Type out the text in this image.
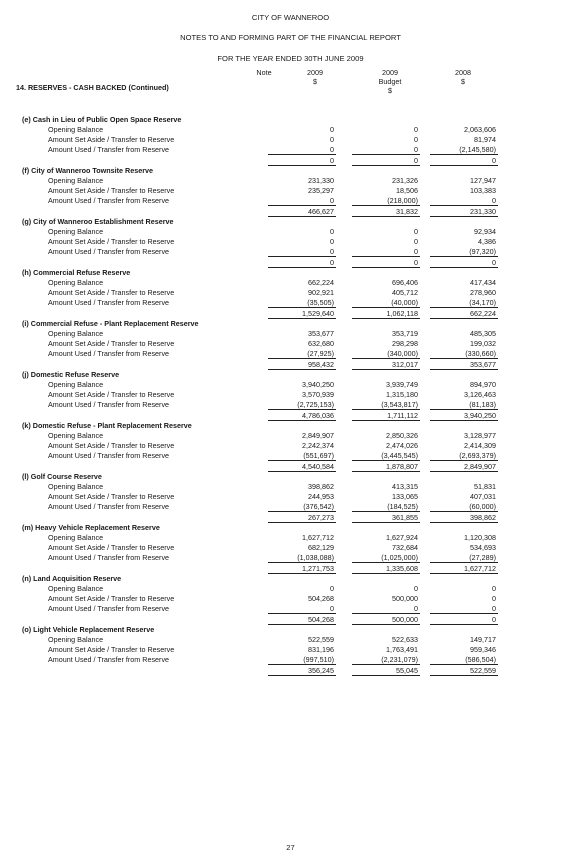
CITY OF WANNEROO
NOTES TO AND FORMING PART OF THE FINANCIAL REPORT
FOR THE YEAR ENDED 30TH JUNE 2009
Note	2009
$
2009
Budget
$
2008
$
14. RESERVES - CASH BACKED (Continued)
(e) Cash in Lieu of Public Open Space Reserve
Opening Balance	0	0	2,063,606
Amount Set Aside / Transfer to Reserve	0	0	81,974
Amount Used / Transfer from Reserve	0	0	(2,145,580)
0	0	0
(f) City of Wanneroo Townsite Reserve
Opening Balance	231,330	231,326	127,947
Amount Set Aside / Transfer to Reserve	235,297	18,506	103,383
Amount Used / Transfer from Reserve	0	(218,000)	0
466,627	31,832	231,330
(g) City of Wanneroo Establishment Reserve
Opening Balance	0	0	92,934
Amount Set Aside / Transfer to Reserve	0	0	4,386
Amount Used / Transfer from Reserve	0	0	(97,320)
0	0	0
(h) Commercial Refuse Reserve
Opening Balance	662,224	696,406	417,434
Amount Set Aside / Transfer to Reserve	902,921	405,712	278,960
Amount Used / Transfer from Reserve	(35,505)	(40,000)	(34,170)
1,529,640	1,062,118	662,224
(i) Commercial Refuse - Plant Replacement Reserve
Opening Balance	353,677	353,719	485,305
Amount Set Aside / Transfer to Reserve	632,680	298,298	199,032
Amount Used / Transfer from Reserve	(27,925)	(340,000)	(330,660)
958,432	312,017	353,677
(j) Domestic Refuse Reserve
Opening Balance	3,940,250	3,939,749	894,970
Amount Set Aside / Transfer to Reserve	3,570,939	1,315,180	3,126,463
Amount Used / Transfer from Reserve	(2,725,153)	(3,543,817)	(81,183)
4,786,036	1,711,112	3,940,250
(k) Domestic Refuse - Plant Replacement Reserve
Opening Balance	2,849,907	2,850,326	3,128,977
Amount Set Aside / Transfer to Reserve	2,242,374	2,474,026	2,414,309
Amount Used / Transfer from Reserve	(551,697)	(3,445,545)	(2,693,379)
4,540,584	1,878,807	2,849,907
(l) Golf Course Reserve
Opening Balance	398,862	413,315	51,831
Amount Set Aside / Transfer to Reserve	244,953	133,065	407,031
Amount Used / Transfer from Reserve	(376,542)	(184,525)	(60,000)
267,273	361,855	398,862
(m) Heavy Vehicle Replacement Reserve
Opening Balance	1,627,712	1,627,924	1,120,308
Amount Set Aside / Transfer to Reserve	682,129	732,684	534,693
Amount Used / Transfer from Reserve	(1,038,088)	(1,025,000)	(27,289)
1,271,753	1,335,608	1,627,712
(n) Land Acquisition Reserve
Opening Balance	0	0	0
Amount Set Aside / Transfer to Reserve	504,268	500,000	0
Amount Used / Transfer from Reserve	0	0	0
504,268	500,000	0
(o) Light Vehicle Replacement Reserve
Opening Balance	522,559	522,633	149,717
Amount Set Aside / Transfer to Reserve	831,196	1,763,491	959,346
Amount Used / Transfer from Reserve	(997,510)	(2,231,079)	(586,504)
356,245	55,045	522,559
27
